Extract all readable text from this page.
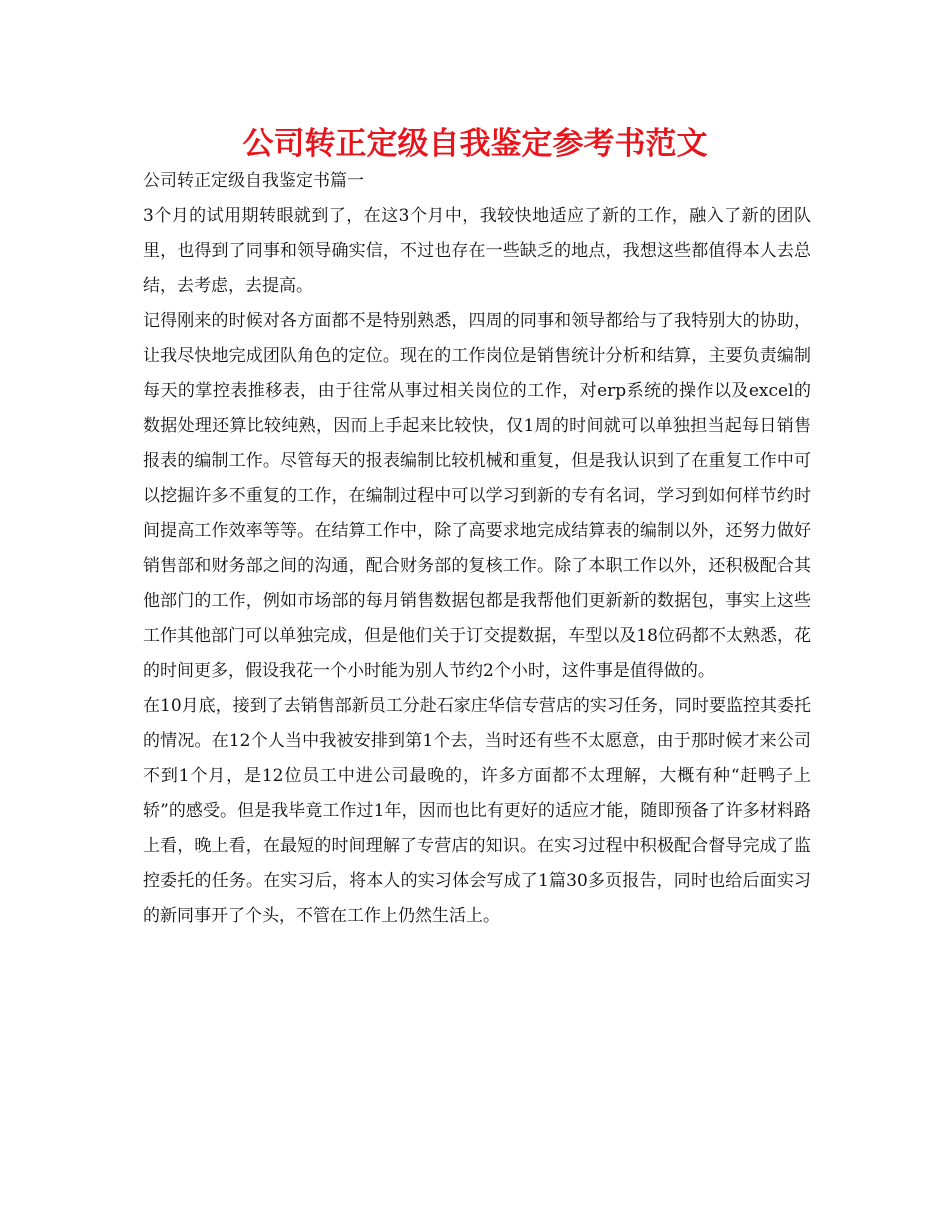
公司转正定级自我鉴定参考书范文

公司转正定级自我鉴定书篇一

3个月的试用期转眼就到了，在这3个月中，我较快地适应了新的工作，融入了新的团队里，也得到了同事和领导确实信，不过也存在一些缺乏的地点，我想这些都值得本人去总结，去考虑，去提高。

记得刚来的时候对各方面都不是特别熟悉，四周的同事和领导都给与了我特别大的协助，让我尽快地完成团队角色的定位。现在的工作岗位是销售统计分析和结算，主要负责编制每天的掌控表推移表，由于往常从事过相关岗位的工作，对erp系统的操作以及excel的数据处理还算比较纯熟，因而上手起来比较快，仅1周的时间就可以单独担当起每日销售报表的编制工作。尽管每天的报表编制比较机械和重复，但是我认识到了在重复工作中可以挖掘许多不重复的工作，在编制过程中可以学习到新的专有名词，学习到如何样节约时间提高工作效率等等。在结算工作中，除了高要求地完成结算表的编制以外，还努力做好销售部和财务部之间的沟通，配合财务部的复核工作。除了本职工作以外，还积极配合其他部门的工作，例如市场部的每月销售数据包都是我帮他们更新新的数据包，事实上这些工作其他部门可以单独完成，但是他们关于订交提数据，车型以及18位码都不太熟悉，花的时间更多，假设我花一个小时能为别人节约2个小时，这件事是值得做的。

在10月底，接到了去销售部新员工分赴石家庄华信专营店的实习任务，同时要监控其委托的情况。在12个人当中我被安排到第1个去，当时还有些不太愿意，由于那时候才来公司不到1个月，是12位员工中进公司最晚的，许多方面都不太理解，大概有种“赶鸭子上轿”的感受。但是我毕竟工作过1年，因而也比有更好的适应才能，随即预备了许多材料路上看，晚上看，在最短的时间理解了专营店的知识。在实习过程中积极配合督导完成了监控委托的任务。在实习后，将本人的实习体会写成了1篇30多页报告，同时也给后面实习的新同事开了个头，不管在工作上仍然生活上。
